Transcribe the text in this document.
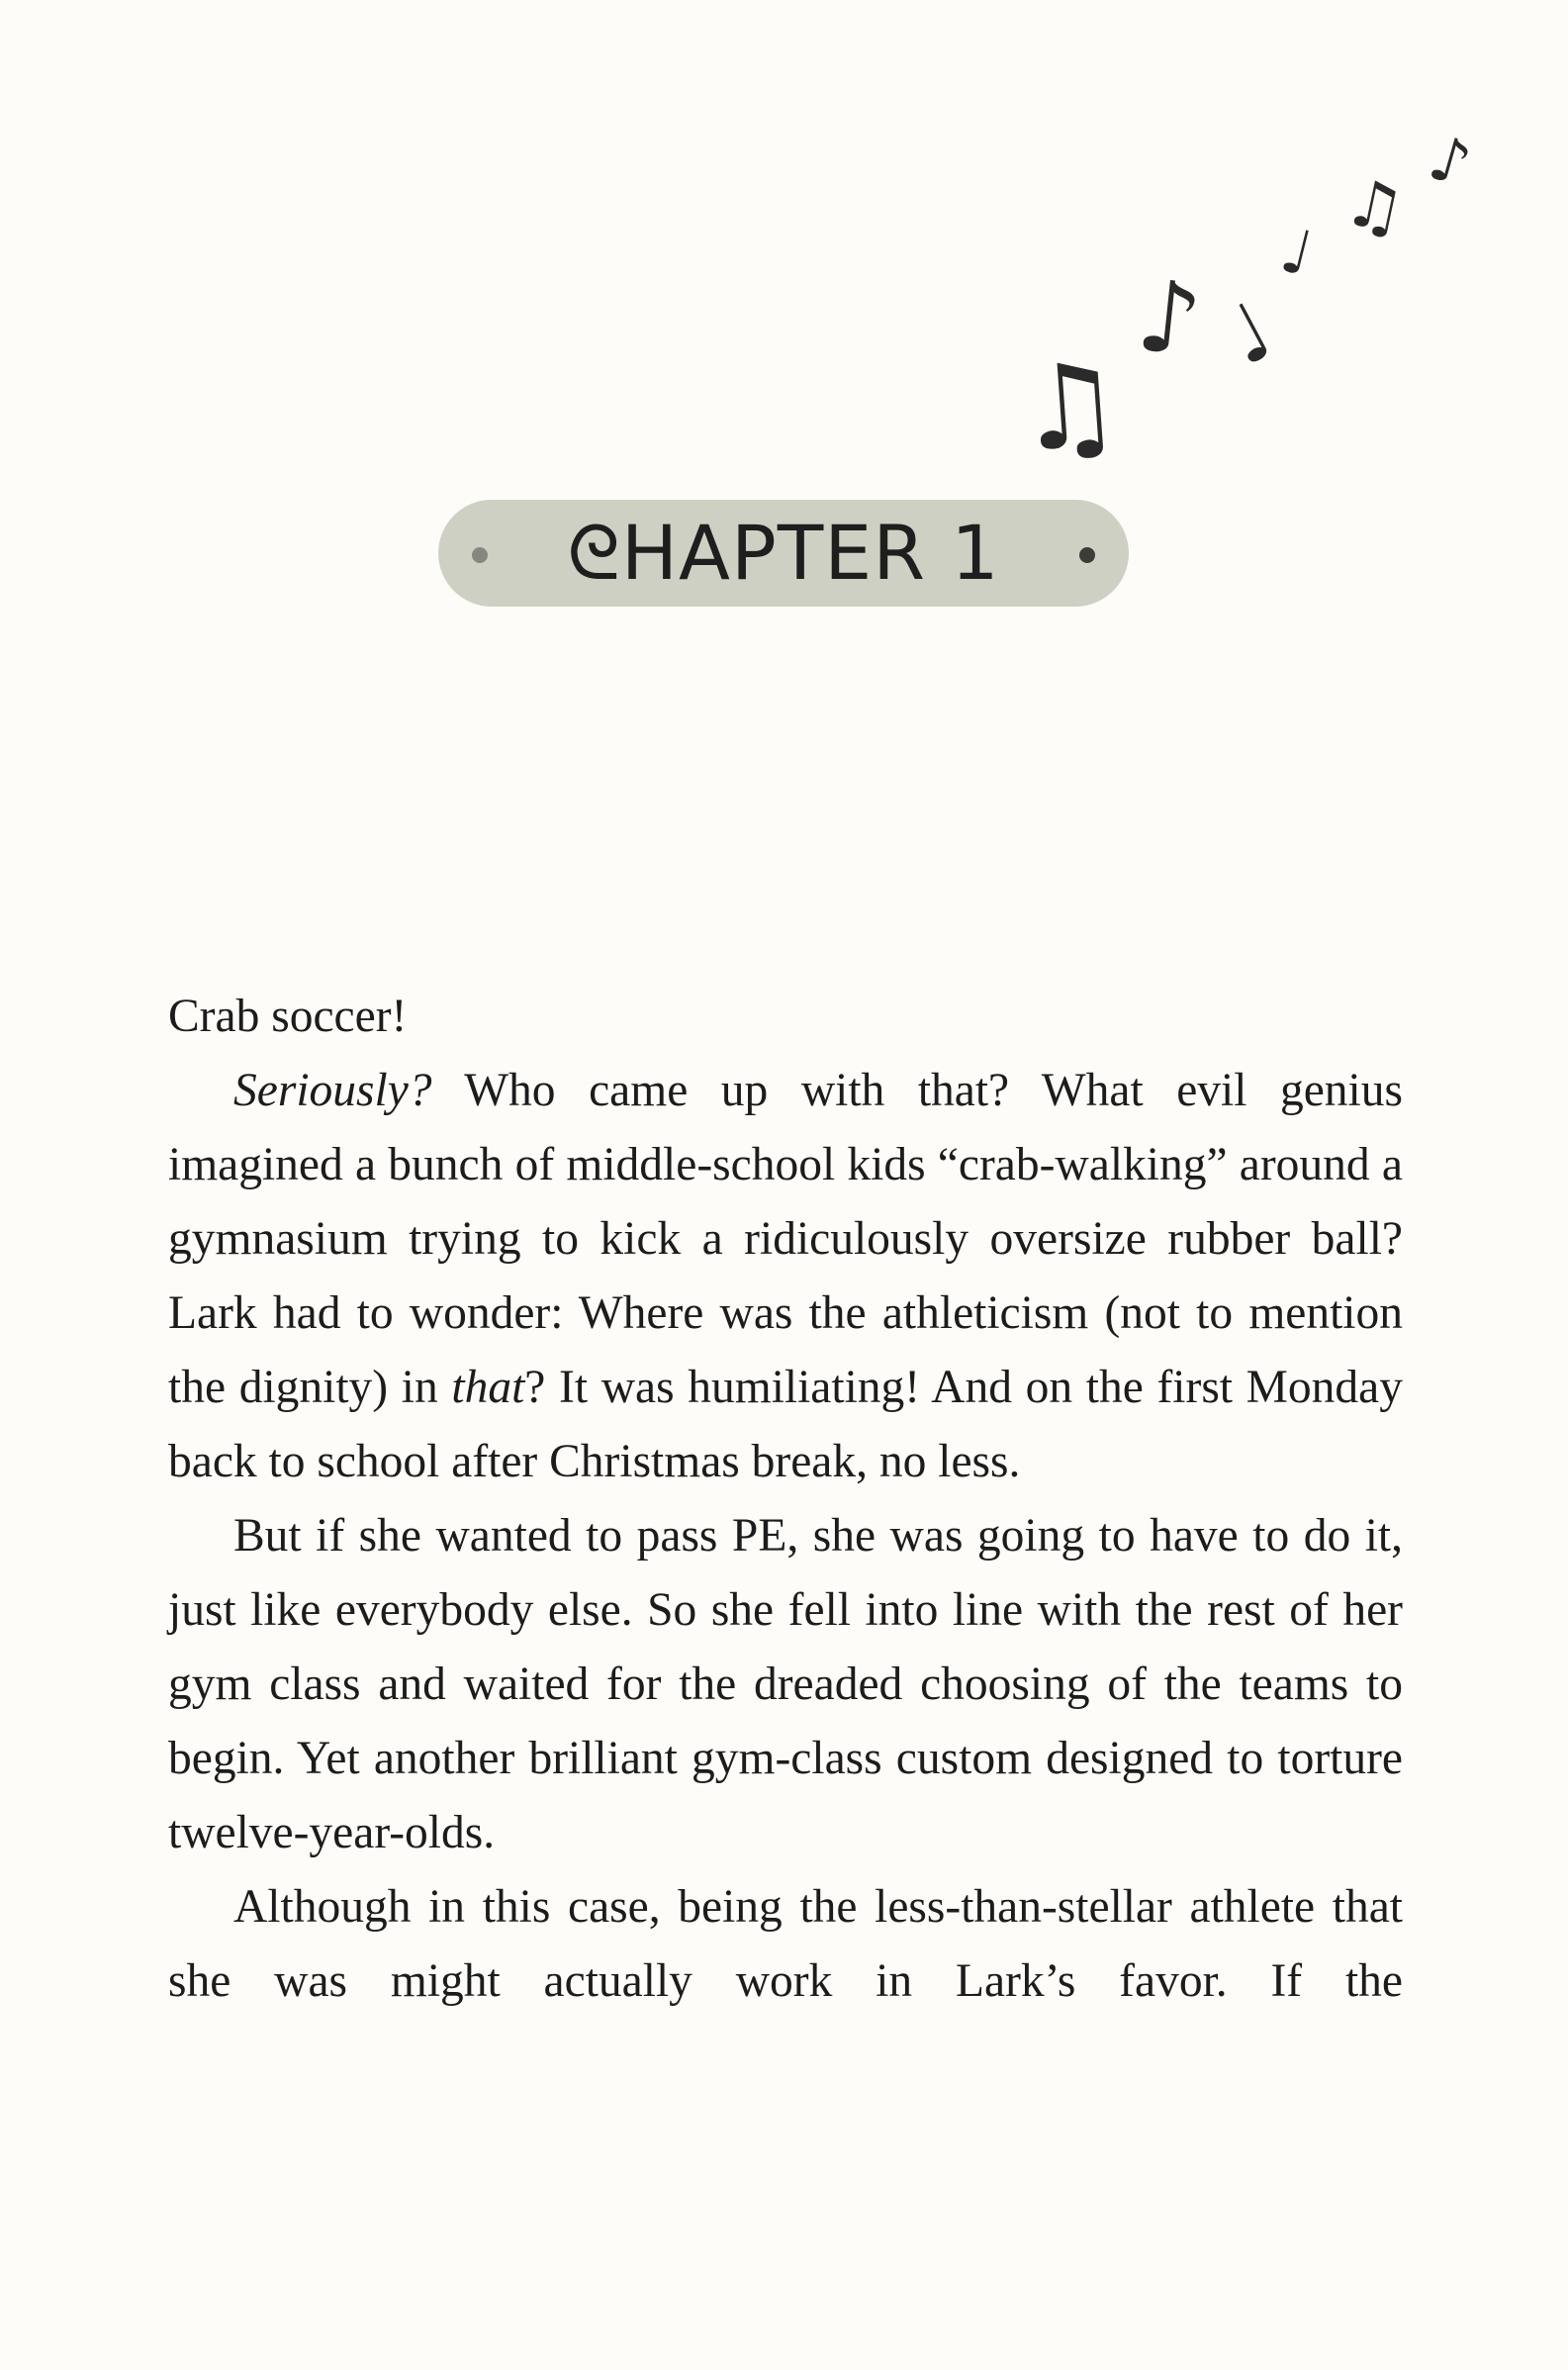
♫
♪ ♩
♩
♫
♪
ᘓHAPTER 1

Crab soccer!

Seriously? Who came up with that? What evil genius imagined a bunch of middle-school kids “crab-walking” around a gymnasium trying to kick a ridiculously oversize rubber ball? Lark had to wonder: Where was the athleticism (not to mention the dignity) in that? It was humiliating! And on the first Monday back to school after Christmas break, no less.

But if she wanted to pass PE, she was going to have to do it, just like everybody else. So she fell into line with the rest of her gym class and waited for the dreaded choosing of the teams to begin. Yet another brilliant gym-class custom designed to torture twelve-year-olds.

Although in this case, being the less-than-stellar athlete that she was might actually work in Lark’s favor. If the
